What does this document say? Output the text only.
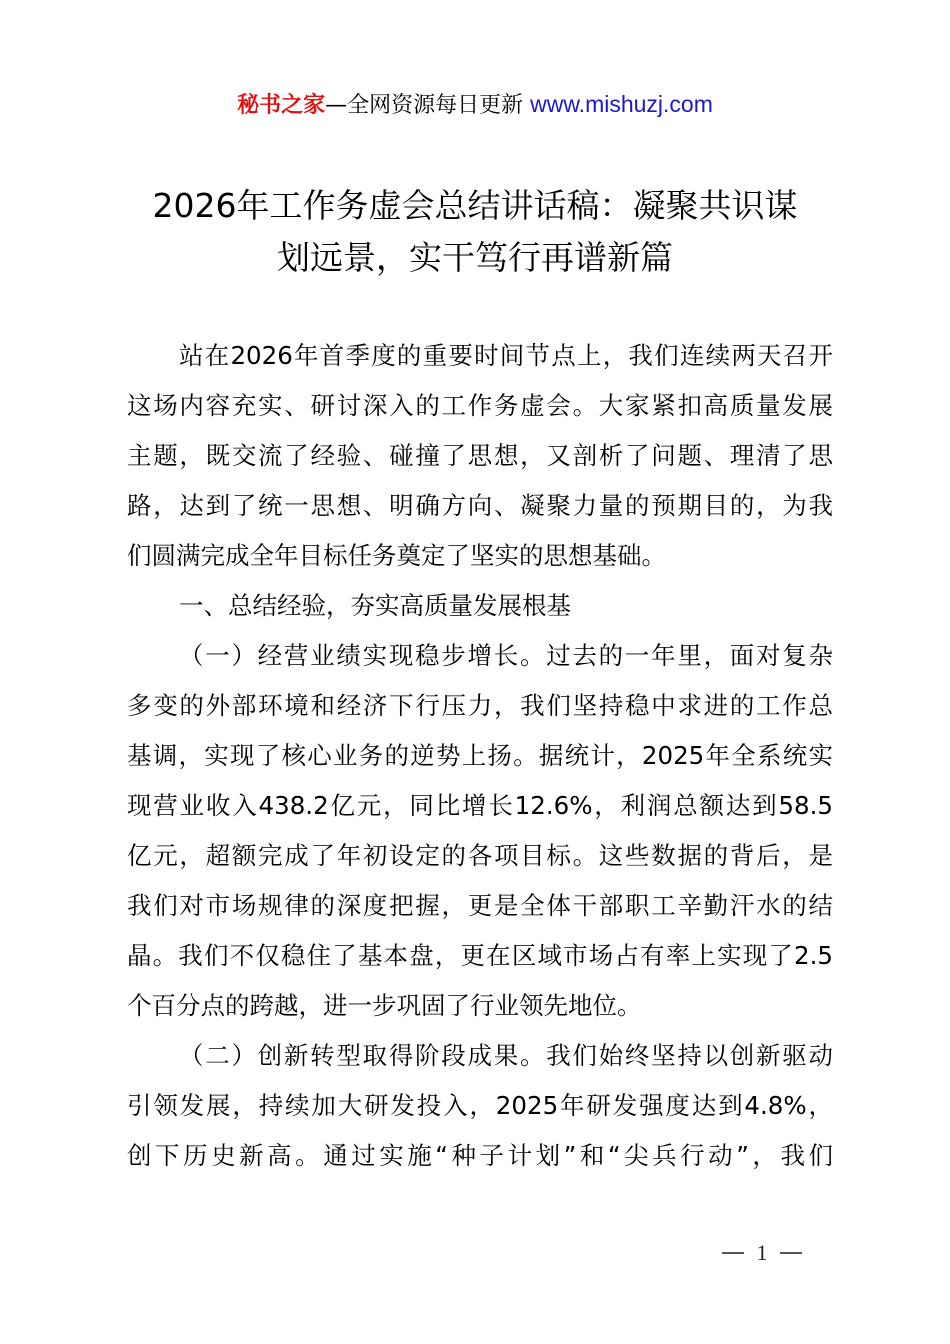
秘书之家—全网资源每日更新 www.mishuzj.com
2026年工作务虚会总结讲话稿：凝聚共识谋
划远景，实干笃行再谱新篇
站在2026年首季度的重要时间节点上，我们连续两天召开
这场内容充实、研讨深入的工作务虚会。大家紧扣高质量发展
主题，既交流了经验、碰撞了思想，又剖析了问题、理清了思
路，达到了统一思想、明确方向、凝聚力量的预期目的，为我
们圆满完成全年目标任务奠定了坚实的思想基础。
一、总结经验，夯实高质量发展根基
（一）经营业绩实现稳步增长。过去的一年里，面对复杂
多变的外部环境和经济下行压力，我们坚持稳中求进的工作总
基调，实现了核心业务的逆势上扬。据统计，2025年全系统实
现营业收入438.2亿元，同比增长12.6%，利润总额达到58.5
亿元，超额完成了年初设定的各项目标。这些数据的背后，是
我们对市场规律的深度把握，更是全体干部职工辛勤汗水的结
晶。我们不仅稳住了基本盘，更在区域市场占有率上实现了2.5
个百分点的跨越，进一步巩固了行业领先地位。
（二）创新转型取得阶段成果。我们始终坚持以创新驱动
引领发展，持续加大研发投入，2025年研发强度达到4.8%，
创下历史新高。通过实施“种子计划”和“尖兵行动”，我们
1
